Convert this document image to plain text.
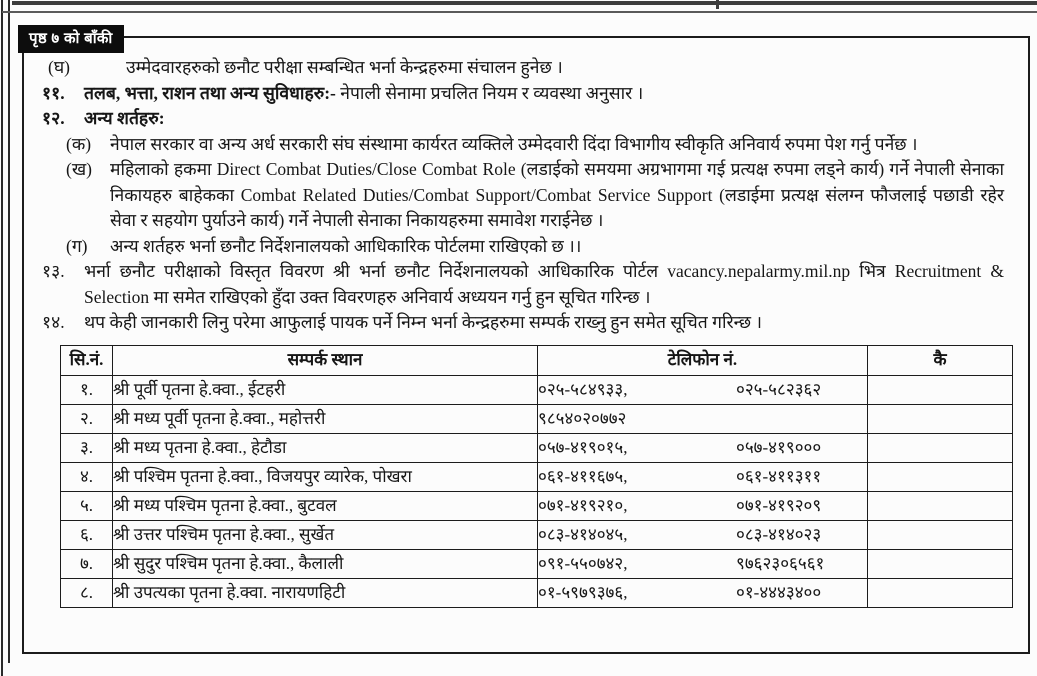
पृष्ठ ७ को बाँकी
(घ)	उम्मेदवारहरुको छनौट परीक्षा सम्बन्धित भर्ना केन्द्रहरुमा संचालन हुनेछ ।
११.	तलब, भत्ता, राशन तथा अन्य सुविधाहरु:- नेपाली सेनामा प्रचलित नियम र व्यवस्था अनुसार ।
१२.	अन्य शर्तहरु:
(क)	नेपाल सरकार वा अन्य अर्ध सरकारी संघ संस्थामा कार्यरत व्यक्तिले उम्मेदवारी दिंदा विभागीय स्वीकृति अनिवार्य रुपमा पेश गर्नु पर्नेछ ।
(ख)	महिलाको हकमा Direct Combat Duties/Close Combat Role (लडाईको समयमा अग्रभागमा गई प्रत्यक्ष रुपमा लड्ने कार्य) गर्ने नेपाली सेनाका निकायहरु बाहेकका Combat Related Duties/Combat Support/Combat Service Support (लडाईमा प्रत्यक्ष संलग्न फौजलाई पछाडी रहेर सेवा र सहयोग पुर्याउने कार्य) गर्ने नेपाली सेनाका निकायहरुमा समावेश गराईनेछ ।
(ग)	अन्य शर्तहरु भर्ना छनौट निर्देशनालयको आधिकारिक पोर्टलमा राखिएको छ ।।
१३.	भर्ना छनौट परीक्षाको विस्तृत विवरण श्री भर्ना छनौट निर्देशनालयको आधिकारिक पोर्टल vacancy.nepalarmy.mil.np भित्र Recruitment & Selection मा समेत राखिएको हुँदा उक्त विवरणहरु अनिवार्य अध्ययन गर्नु हुन सूचित गरिन्छ ।
१४.	थप केही जानकारी लिनु परेमा आफुलाई पायक पर्ने निम्न भर्ना केन्द्रहरुमा सम्पर्क राख्नु हुन समेत सूचित गरिन्छ ।
सि.नं.	सम्पर्क स्थान	टेलिफोन नं.	कै
१.	श्री पूर्वी पृतना हे.क्वा., ईटहरी	०२५-५८४९३३, ०२५-५८२३६२	
२.	श्री मध्य पूर्वी पृतना हे.क्वा., महोत्तरी	९८५४०२०७७२	
३.	श्री मध्य पृतना हे.क्वा., हेटौडा	०५७-४१९०१५, ०५७-४१९०००	
४.	श्री पश्चिम पृतना हे.क्वा., विजयपुर व्यारेक, पोखरा	०६१-४११६७५, ०६१-४११३११	
५.	श्री मध्य पश्चिम पृतना हे.क्वा., बुटवल	०७१-४१९२१०, ०७१-४१९२०९	
६.	श्री उत्तर पश्चिम पृतना हे.क्वा., सुर्खेत	०८३-४१४०४५, ०८३-४१४०२३	
७.	श्री सुदुर पश्चिम पृतना हे.क्वा., कैलाली	०९१-५५०७४२, ९७६२३०६५६१	
८.	श्री उपत्यका पृतना हे.क्वा. नारायणहिटी	०१-५९७९३७६, ०१-४४४३४००	
